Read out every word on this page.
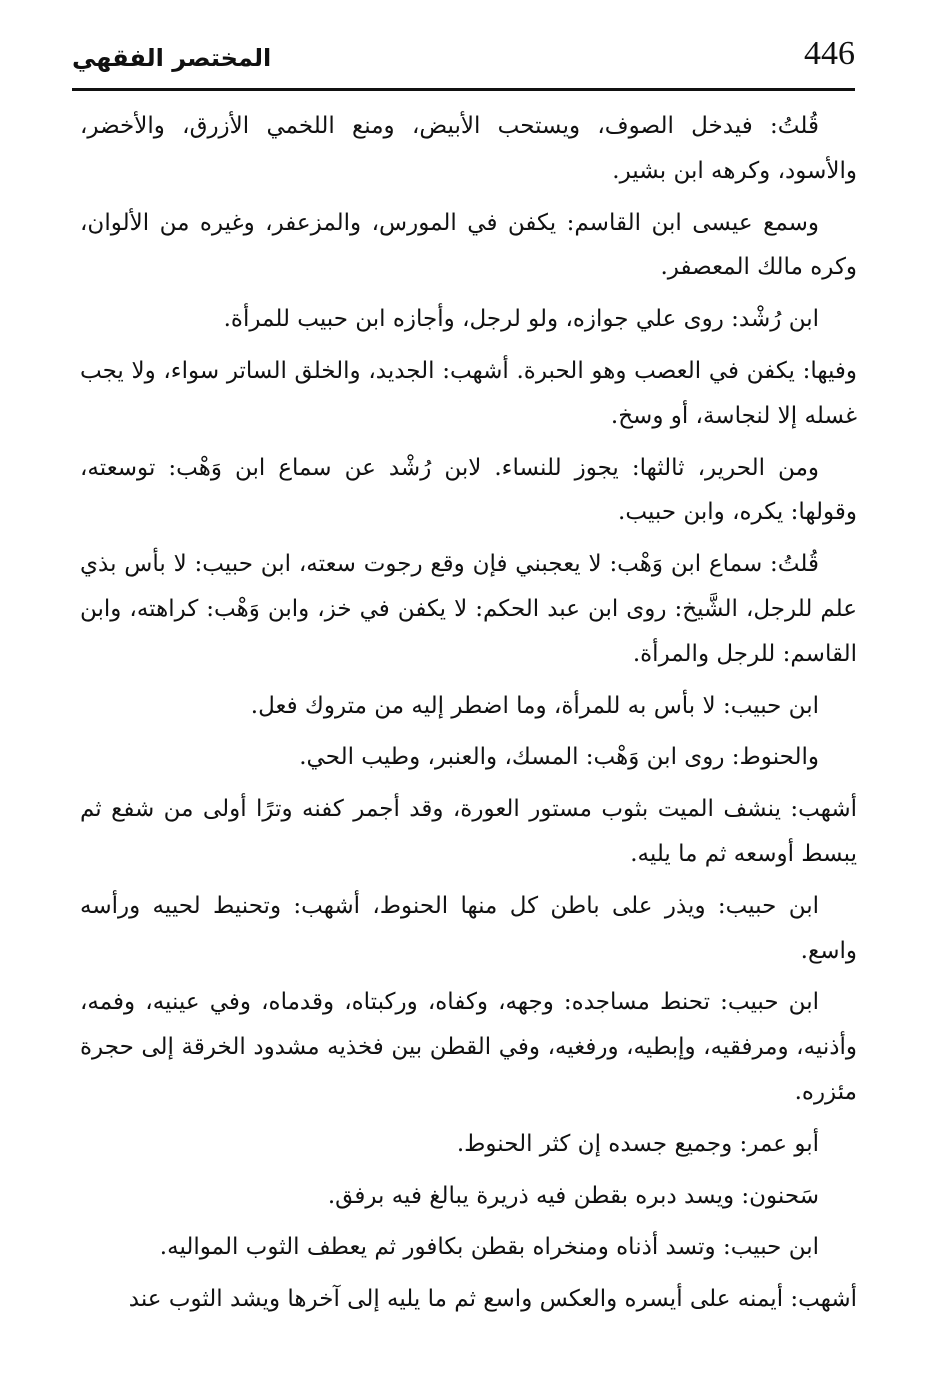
446
المختصر الفقهي

قُلتُ: فيدخل الصوف، ويستحب الأبيض، ومنع اللخمي الأزرق، والأخضر، والأسود، وكرهه ابن بشير.

وسمع عيسى ابن القاسم: يكفن في المورس، والمزعفر، وغيره من الألوان، وكره مالك المعصفر.

ابن رُشْد: روى علي جوازه، ولو لرجل، وأجازه ابن حبيب للمرأة.

وفيها: يكفن في العصب وهو الحبرة. أشهب: الجديد، والخلق الساتر سواء، ولا يجب غسله إلا لنجاسة، أو وسخ.

ومن الحرير، ثالثها: يجوز للنساء. لابن رُشْد عن سماع ابن وَهْب: توسعته، وقولها: يكره، وابن حبيب.

قُلتُ: سماع ابن وَهْب: لا يعجبني فإن وقع رجوت سعته، ابن حبيب: لا بأس بذي علم للرجل، الشَّيخ: روى ابن عبد الحكم: لا يكفن في خز، وابن وَهْب: كراهته، وابن القاسم: للرجل والمرأة.

ابن حبيب: لا بأس به للمرأة، وما اضطر إليه من متروك فعل.

والحنوط: روى ابن وَهْب: المسك، والعنبر، وطيب الحي.

أشهب: ينشف الميت بثوب مستور العورة، وقد أجمر كفنه وترًا أولى من شفع ثم يبسط أوسعه ثم ما يليه.

ابن حبيب: ويذر على باطن كل منها الحنوط، أشهب: وتحنيط لحييه ورأسه واسع.

ابن حبيب: تحنط مساجده: وجهه، وكفاه، وركبتاه، وقدماه، وفي عينيه، وفمه، وأذنيه، ومرفقيه، وإبطيه، ورفغيه، وفي القطن بين فخذيه مشدود الخرقة إلى حجرة مئزره.

أبو عمر: وجميع جسده إن كثر الحنوط.

سَحنون: ويسد دبره بقطن فيه ذريرة يبالغ فيه برفق.

ابن حبيب: وتسد أذناه ومنخراه بقطن بكافور ثم يعطف الثوب المواليه.

أشهب: أيمنه على أيسره والعكس واسع ثم ما يليه إلى آخرها ويشد الثوب عند
